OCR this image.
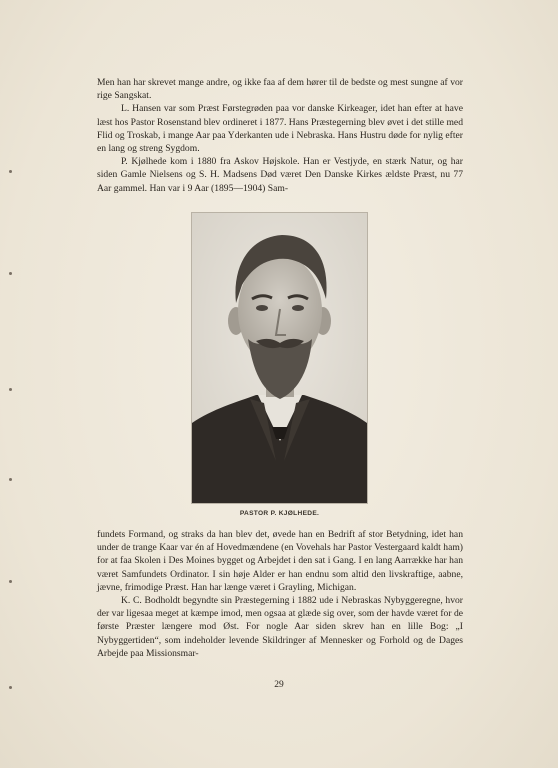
Men han har skrevet mange andre, og ikke faa af dem hører til de bedste og mest sungne af vor rige Sangskat.

L. Hansen var som Præst Førstegrøden paa vor danske Kirkeager, idet han efter at have læst hos Pastor Rosenstand blev ordineret i 1877. Hans Præstegerning blev øvet i det stille med Flid og Troskab, i mange Aar paa Yderkanten ude i Nebraska. Hans Hustru døde for nylig efter en lang og streng Sygdom.

P. Kjølhede kom i 1880 fra Askov Højskole. Han er Vestjyde, en stærk Natur, og har siden Gamle Nielsens og S. H. Madsens Død været Den Danske Kirkes ældste Præst, nu 77 Aar gammel. Han var i 9 Aar (1895—1904) Sam-

PASTOR P. KJØLHEDE.

fundets Formand, og straks da han blev det, øvede han en Bedrift af stor Betydning, idet han under de trange Kaar var én af Hovedmændene (en Vovehals har Pastor Vestergaard kaldt ham) for at faa Skolen i Des Moines bygget og Arbejdet i den sat i Gang. I en lang Aarrække har han været Samfundets Ordinator. I sin høje Alder er han endnu som altid den livskraftige, aabne, jævne, frimodige Præst. Han har længe været i Grayling, Michigan.

K. C. Bodholdt begyndte sin Præstegerning i 1882 ude i Nebraskas Nybyggeregne, hvor der var ligesaa meget at kæmpe imod, men ogsaa at glæde sig over, som der havde været for de første Præster længere mod Øst. For nogle Aar siden skrev han en lille Bog: „I Nybyggertiden“, som indeholder levende Skildringer af Mennesker og Forhold og de Dages Arbejde paa Missionsmar-

29
